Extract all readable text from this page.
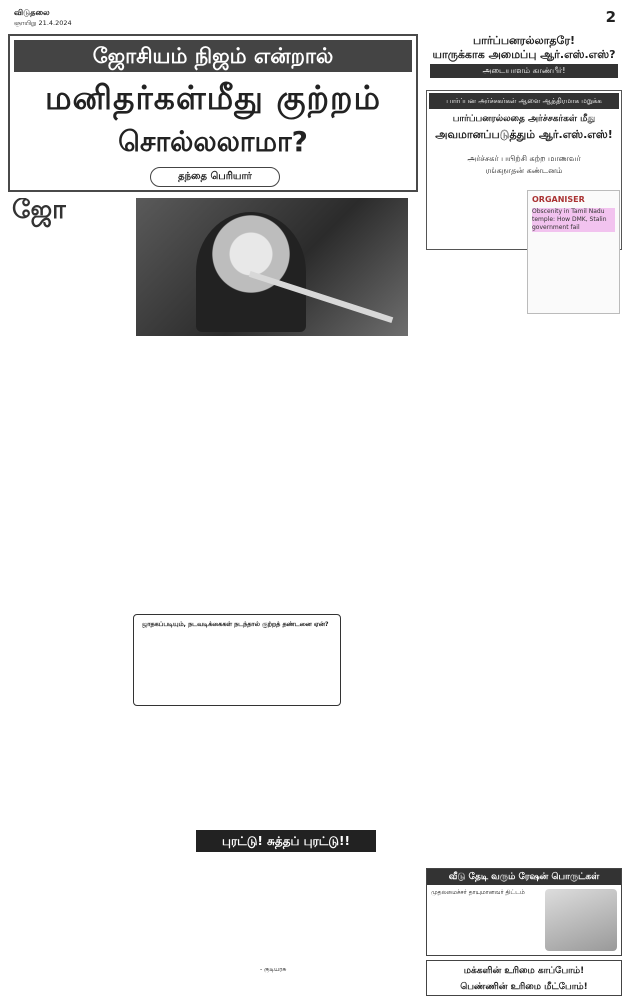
விடுதலை
ஞாயிறு 21.4.2024	2
ஜோசியம் நிஜம் என்றால்
மனிதர்கள்மீது குற்றம்
சொல்லலாமா?
தந்தை பெரியார்

ஜோ

ஜாதகப்படியும், நடவடிக்கைகள் நடந்தால் குற்றத் தண்டனை ஏன்?
புரட்டு! சுத்தப் புரட்டு!!
- குடியரசு
பார்ப்பனரல்லாதரே!
யாருக்காக அமைப்பு ஆர்.எஸ்.எஸ்?
அடையாளம் காண்பீர்!
பார்ப்பன அர்ச்சகர்கள் ஆளை ஆத்திரமாக மறுக்க
பார்ப்பனரல்லதை அர்ச்சகர்கள் மீது
அவமானப்படுத்தும் ஆர்.எஸ்.எஸ்!
அர்ச்சகர் பயிற்சி கற்ற மாணவர்
ரங்கநாதன் கண்டனம்
ORGANISER
Obscenity in Tamil Nadu temple: How DMK, Stalin government fail
வீடு தேடி வரும் ரேஷன் பொருட்கள்
முதலமைச்சர் தாயுமானவர் திட்டம்
மக்களின் உரிமை காப்போம்!
பெண்ணின் உரிமை மீட்போம்!
